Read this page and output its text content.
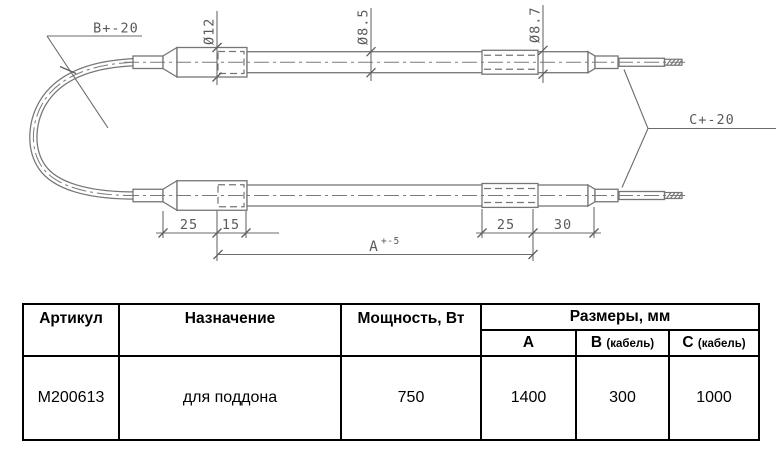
B+-20
C+-20
Ø12	Ø8.5	Ø8.7
25 15	25	30
A +-5
Артикул	Назначение	Мощность, Вт	Размеры, мм		
			A	B (кабель)	C (кабель)
M200613	для поддона	750	1400	300	1000
